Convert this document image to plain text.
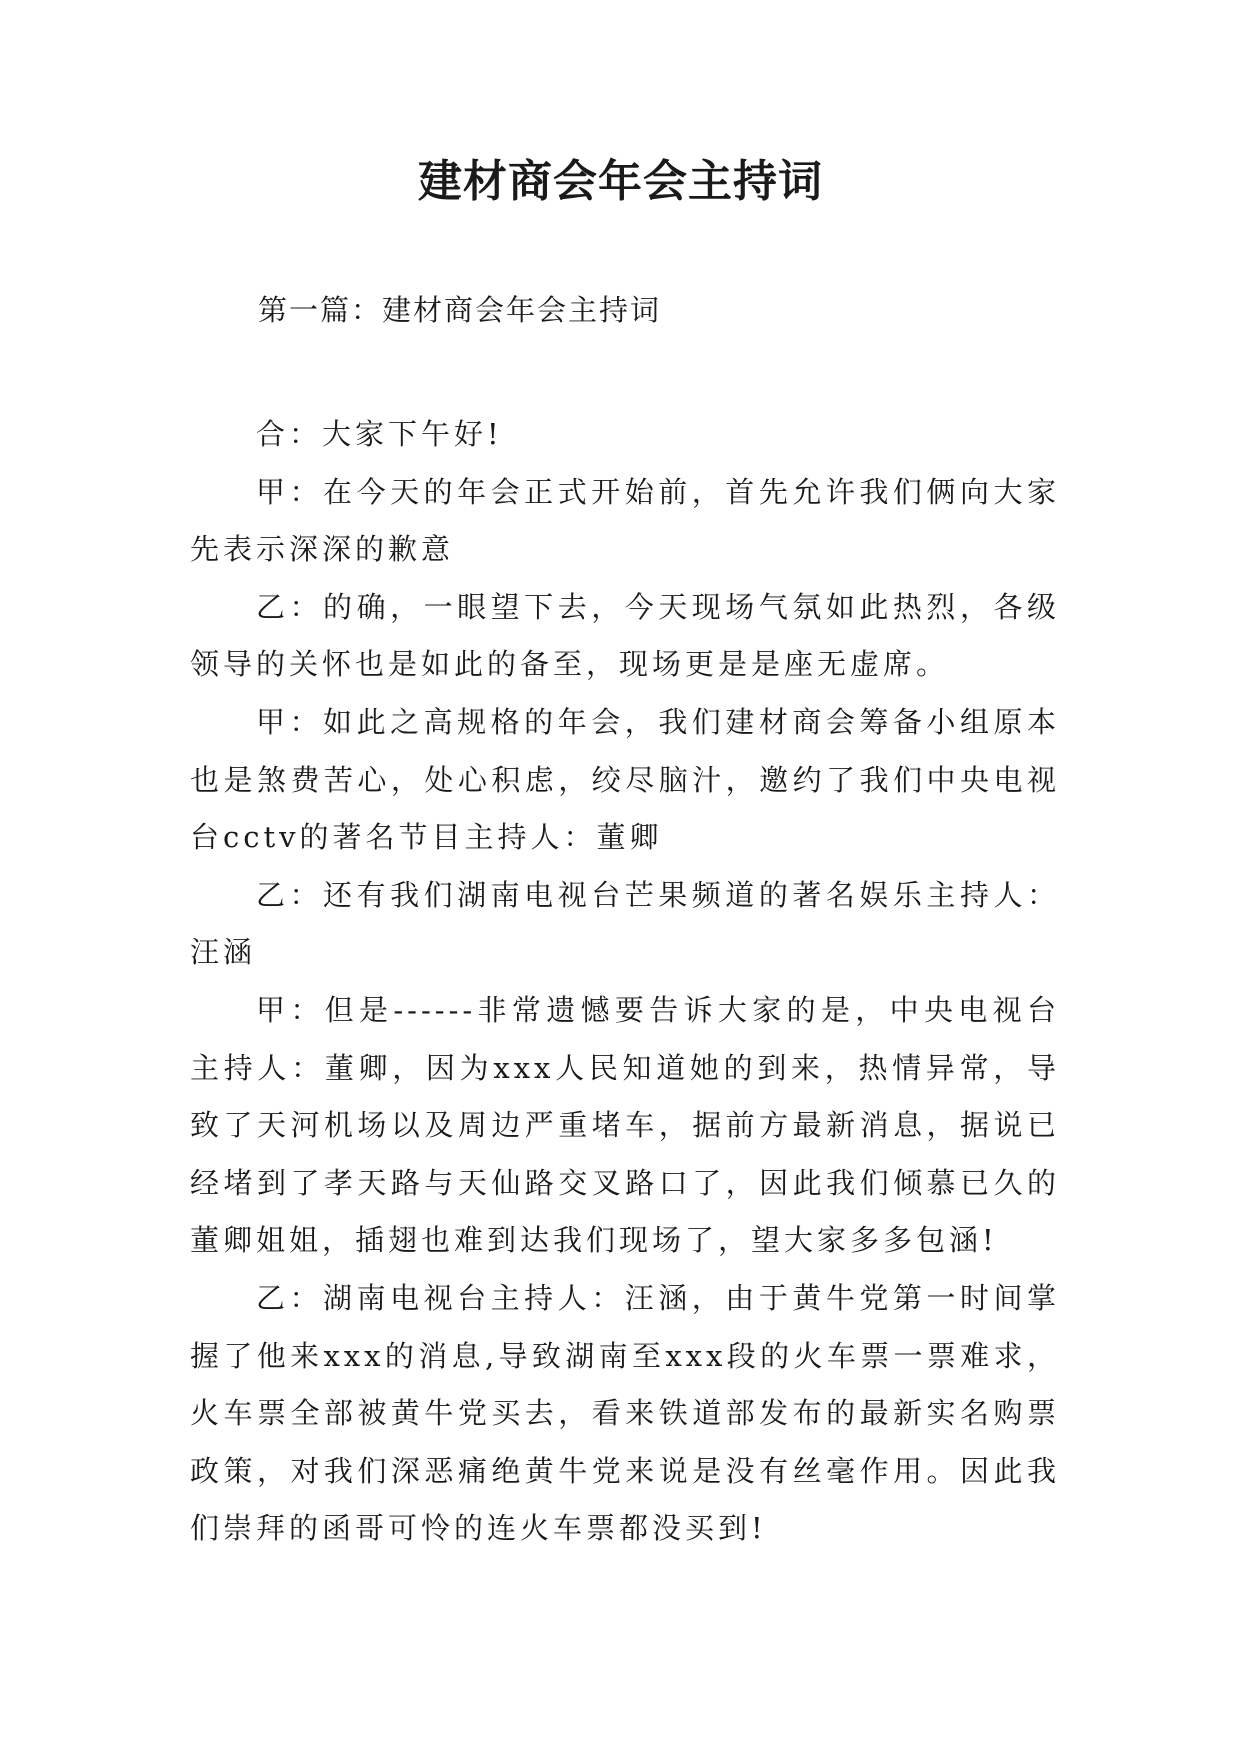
建材商会年会主持词
第一篇：建材商会年会主持词

合：大家下午好!

甲：在今天的年会正式开始前，首先允许我们俩向大家先表示深深的歉意

乙：的确，一眼望下去，今天现场气氛如此热烈，各级领导的关怀也是如此的备至，现场更是是座无虚席。

甲：如此之高规格的年会，我们建材商会筹备小组原本也是煞费苦心，处心积虑，绞尽脑汁，邀约了我们中央电视台cctv的著名节目主持人：董卿

乙：还有我们湖南电视台芒果频道的著名娱乐主持人：汪涵

甲：但是------非常遗憾要告诉大家的是，中央电视台主持人：董卿，因为xxx人民知道她的到来，热情异常，导致了天河机场以及周边严重堵车，据前方最新消息，据说已经堵到了孝天路与天仙路交叉路口了，因此我们倾慕已久的董卿姐姐，插翅也难到达我们现场了，望大家多多包涵!

乙：湖南电视台主持人：汪涵，由于黄牛党第一时间掌握了他来xxx的消息,导致湖南至xxx段的火车票一票难求，火车票全部被黄牛党买去，看来铁道部发布的最新实名购票政策，对我们深恶痛绝黄牛党来说是没有丝毫作用。因此我们崇拜的函哥可怜的连火车票都没买到!
